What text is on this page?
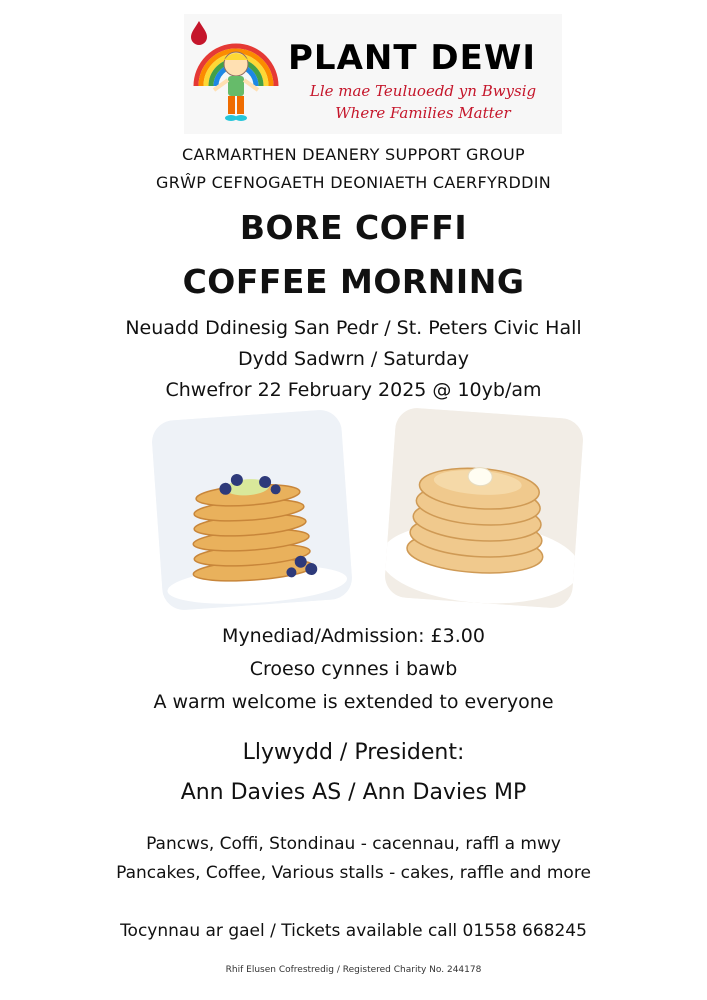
PLANT DEWI
Lle mae Teuluoedd yn Bwysig
Where Families Matter
CARMARTHEN DEANERY SUPPORT GROUP
GRŴP CEFNOGAETH DEONIAETH CAERFYRDDIN
BORE COFFI
COFFEE MORNING
Neuadd Ddinesig San Pedr / St. Peters Civic Hall
Dydd Sadwrn / Saturday
Chwefror 22 February 2025 @ 10yb/am
Mynediad/Admission: £3.00
Croeso cynnes i bawb
A warm welcome is extended to everyone
Llywydd / President:
Ann Davies AS / Ann Davies MP
Pancws, Coffi, Stondinau - cacennau, raffl a mwy
Pancakes, Coffee, Various stalls - cakes, raffle and more
Tocynnau ar gael / Tickets available call 01558 668245
Rhif Elusen Cofrestredig / Registered Charity No. 244178
